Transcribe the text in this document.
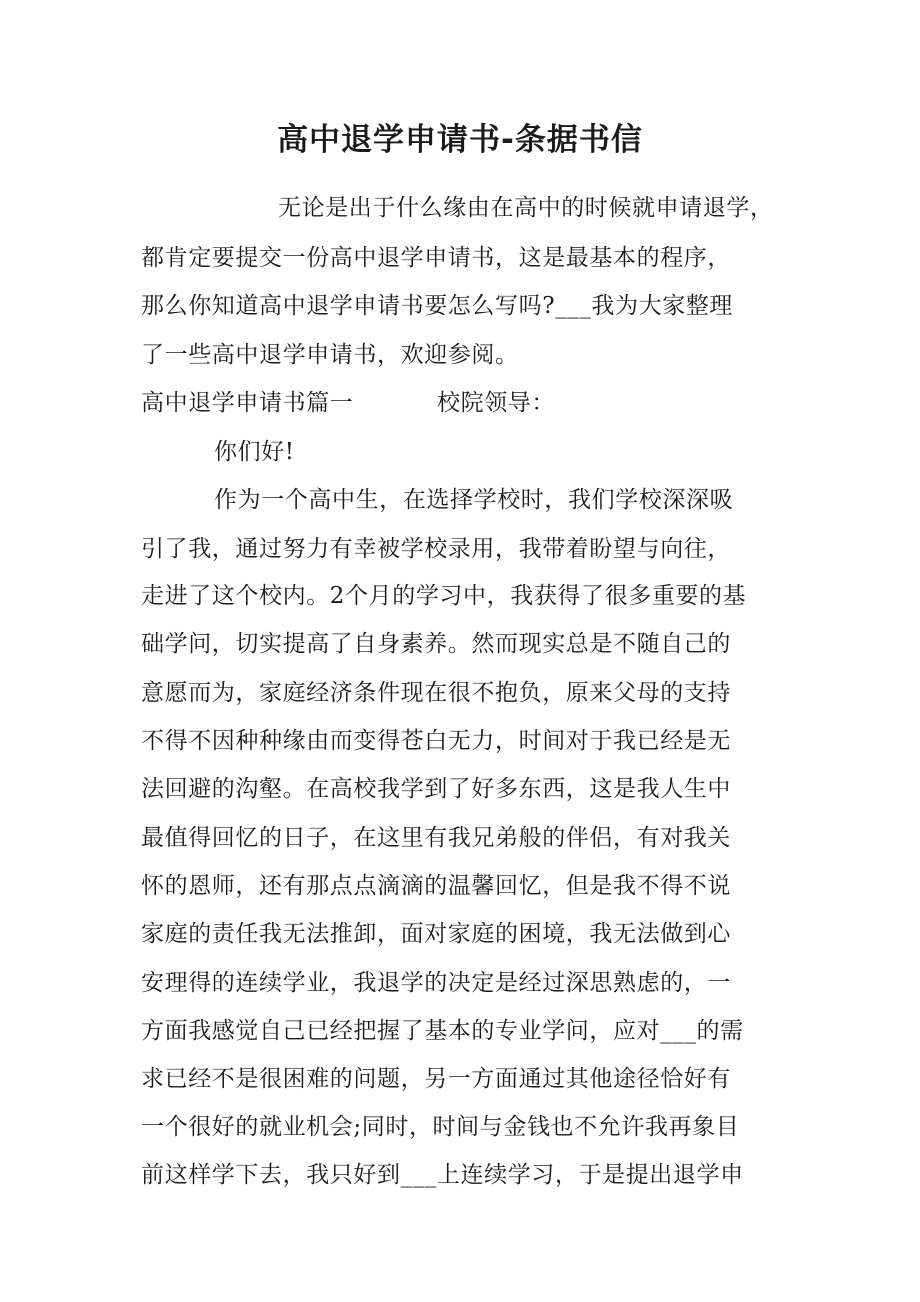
高中退学申请书-条据书信
无论是出于什么缘由在高中的时候就申请退学，
都肯定要提交一份高中退学申请书，这是最基本的程序，
那么你知道高中退学申请书要怎么写吗?___我为大家整理
了一些高中退学申请书，欢迎参阅。
高中退学申请书篇一	校院领导：
你们好!
作为一个高中生，在选择学校时，我们学校深深吸
引了我，通过努力有幸被学校录用，我带着盼望与向往，
走进了这个校内。2个月的学习中，我获得了很多重要的基
础学问，切实提高了自身素养。然而现实总是不随自己的
意愿而为，家庭经济条件现在很不抱负，原来父母的支持
不得不因种种缘由而变得苍白无力，时间对于我已经是无
法回避的沟壑。在高校我学到了好多东西，这是我人生中
最值得回忆的日子，在这里有我兄弟般的伴侣，有对我关
怀的恩师，还有那点点滴滴的温馨回忆，但是我不得不说
家庭的责任我无法推卸，面对家庭的困境，我无法做到心
安理得的连续学业，我退学的决定是经过深思熟虑的，一
方面我感觉自己已经把握了基本的专业学问，应对___的需
求已经不是很困难的问题，另一方面通过其他途径恰好有
一个很好的就业机会;同时，时间与金钱也不允许我再象目
前这样学下去，我只好到___上连续学习，于是提出退学申
